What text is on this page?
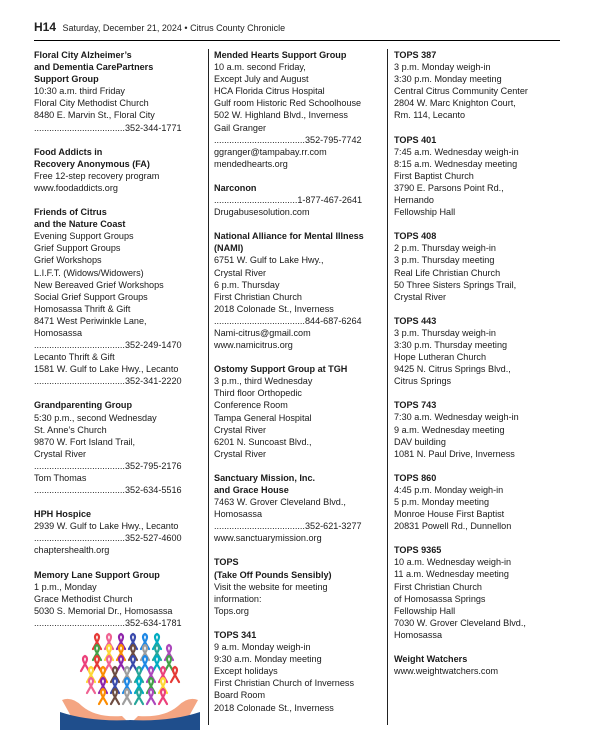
H14 Saturday, December 21, 2024 • Citrus County Chronicle
Floral City Alzheimer’s
and Dementia CarePartners
Support Group
10:30 a.m. third Friday
Floral City Methodist Church
8480 E. Marvin St., Floral City
....................................352-344-1771
Food Addicts in
Recovery Anonymous (FA)
Free 12-step recovery program
www.foodaddicts.org
Friends of Citrus
and the Nature Coast
Evening Support Groups
Grief Support Groups
Grief Workshops
L.I.F.T. (Widows/Widowers)
New Bereaved Grief Workshops
Social Grief Support Groups
Homosassa Thrift & Gift
8471 West Periwinkle Lane,
Homosassa
....................................352-249-1470
Lecanto Thrift & Gift
1581 W. Gulf to Lake Hwy., Lecanto
....................................352-341-2220
Grandparenting Group
5:30 p.m., second Wednesday
St. Anne’s Church
9870 W. Fort Island Trail,
Crystal River
....................................352-795-2176
Tom Thomas
....................................352-634-5516
HPH Hospice
2939 W. Gulf to Lake Hwy., Lecanto
....................................352-527-4600
chaptershealth.org
Memory Lane Support Group
1 p.m., Monday
Grace Methodist Church
5030 S. Memorial Dr., Homosassa
....................................352-634-1781
Mended Hearts Support Group
10 a.m. second Friday,
Except July and August
HCA Florida Citrus Hospital
Gulf room Historic Red Schoolhouse
502 W. Highland Blvd., Inverness
Gail Granger
....................................352-795-7742
ggranger@tampabay.rr.com
mendedhearts.org
Narconon
.................................1-877-467-2641
Drugabusesolution.com
National Alliance for Mental Illness
(NAMI)
6751 W. Gulf to Lake Hwy.,
Crystal River
6 p.m. Thursday
First Christian Church
2018 Colonade St., Inverness
....................................844-687-6264
Nami-citrus@gmail.com
www.namicitrus.org
Ostomy Support Group at TGH
3 p.m., third Wednesday
Third floor Orthopedic
Conference Room
Tampa General Hospital
Crystal River
6201 N. Suncoast Blvd.,
Crystal River
Sanctuary Mission, Inc.
and Grace House
7463 W. Grover Cleveland Blvd.,
Homosassa
....................................352-621-3277
www.sanctuarymission.org
TOPS
(Take Off Pounds Sensibly)
Visit the website for meeting
information:
Tops.org
TOPS 341
9 a.m. Monday weigh-in
9:30 a.m. Monday meeting
Except holidays
First Christian Church of Inverness
Board Room
2018 Colonade St., Inverness
TOPS 387
3 p.m. Monday weigh-in
3:30 p.m. Monday meeting
Central Citrus Community Center
2804 W. Marc Knighton Court,
Rm. 114, Lecanto
TOPS 401
7:45 a.m. Wednesday weigh-in
8:15 a.m. Wednesday meeting
First Baptist Church
3790 E. Parsons Point Rd.,
Hernando
Fellowship Hall
TOPS 408
2 p.m. Thursday weigh-in
3 p.m. Thursday meeting
Real Life Christian Church
50 Three Sisters Springs Trail,
Crystal River
TOPS 443
3 p.m. Thursday weigh-in
3:30 p.m. Thursday meeting
Hope Lutheran Church
9425 N. Citrus Springs Blvd.,
Citrus Springs
TOPS 743
7:30 a.m. Wednesday weigh-in
9 a.m. Wednesday meeting
DAV building
1081 N. Paul Drive, Inverness
TOPS 860
4:45 p.m. Monday weigh-in
5 p.m. Monday meeting
Monroe House First Baptist
20831 Powell Rd., Dunnellon
TOPS 9365
10 a.m. Wednesday weigh-in
11 a.m. Wednesday meeting
First Christian Church
of Homosassa Springs
Fellowship Hall
7030 W. Grover Cleveland Blvd.,
Homosassa
Weight Watchers
www.weightwatchers.com
